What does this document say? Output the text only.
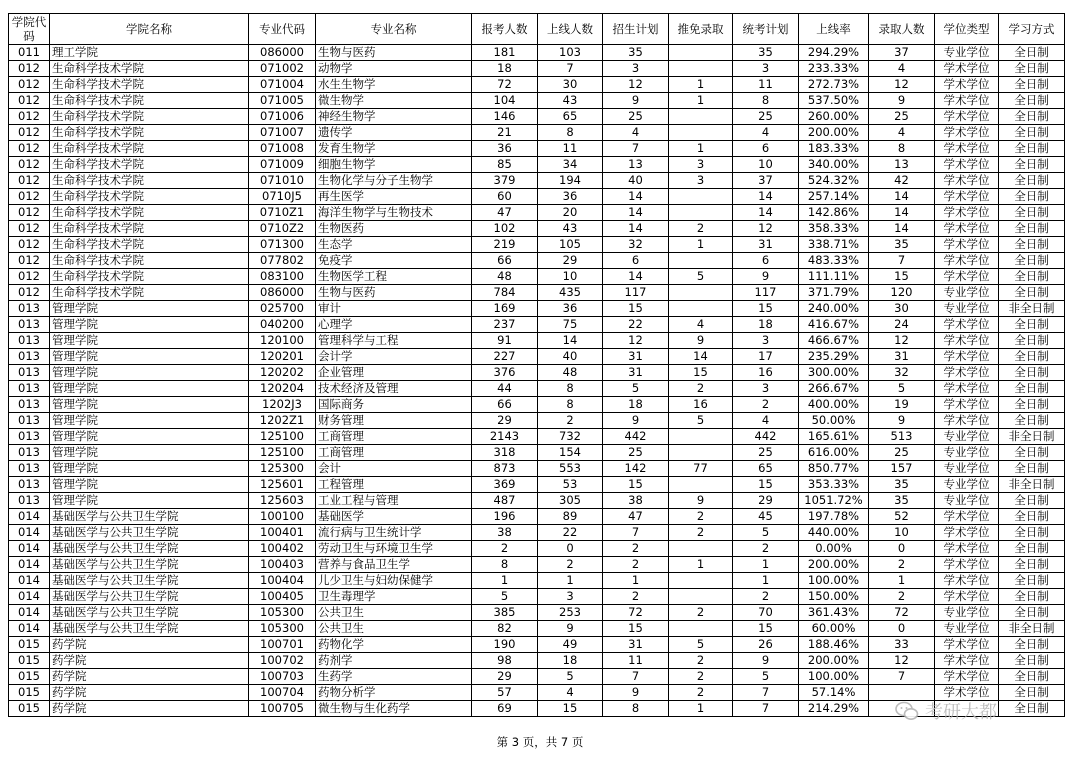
学院代码	学院名称	专业代码	专业名称	报考人数	上线人数	招生计划	推免录取	统考计划	上线率	录取人数	学位类型	学习方式
011	理工学院	086000	生物与医药	181	103	35		35	294.29%	37	专业学位	全日制
012	生命科学技术学院	071002	动物学	18	7	3		3	233.33%	4	学术学位	全日制
012	生命科学技术学院	071004	水生生物学	72	30	12	1	11	272.73%	12	学术学位	全日制
012	生命科学技术学院	071005	微生物学	104	43	9	1	8	537.50%	9	学术学位	全日制
012	生命科学技术学院	071006	神经生物学	146	65	25		25	260.00%	25	学术学位	全日制
012	生命科学技术学院	071007	遗传学	21	8	4		4	200.00%	4	学术学位	全日制
012	生命科学技术学院	071008	发育生物学	36	11	7	1	6	183.33%	8	学术学位	全日制
012	生命科学技术学院	071009	细胞生物学	85	34	13	3	10	340.00%	13	学术学位	全日制
012	生命科学技术学院	071010	生物化学与分子生物学	379	194	40	3	37	524.32%	42	学术学位	全日制
012	生命科学技术学院	0710J5	再生医学	60	36	14		14	257.14%	14	学术学位	全日制
012	生命科学技术学院	0710Z1	海洋生物学与生物技术	47	20	14		14	142.86%	14	学术学位	全日制
012	生命科学技术学院	0710Z2	生物医药	102	43	14	2	12	358.33%	14	学术学位	全日制
012	生命科学技术学院	071300	生态学	219	105	32	1	31	338.71%	35	学术学位	全日制
012	生命科学技术学院	077802	免疫学	66	29	6		6	483.33%	7	学术学位	全日制
012	生命科学技术学院	083100	生物医学工程	48	10	14	5	9	111.11%	15	学术学位	全日制
012	生命科学技术学院	086000	生物与医药	784	435	117		117	371.79%	120	专业学位	全日制
013	管理学院	025700	审计	169	36	15		15	240.00%	30	专业学位	非全日制
013	管理学院	040200	心理学	237	75	22	4	18	416.67%	24	学术学位	全日制
013	管理学院	120100	管理科学与工程	91	14	12	9	3	466.67%	12	学术学位	全日制
013	管理学院	120201	会计学	227	40	31	14	17	235.29%	31	学术学位	全日制
013	管理学院	120202	企业管理	376	48	31	15	16	300.00%	32	学术学位	全日制
013	管理学院	120204	技术经济及管理	44	8	5	2	3	266.67%	5	学术学位	全日制
013	管理学院	1202J3	国际商务	66	8	18	16	2	400.00%	19	学术学位	全日制
013	管理学院	1202Z1	财务管理	29	2	9	5	4	50.00%	9	学术学位	全日制
013	管理学院	125100	工商管理	2143	732	442		442	165.61%	513	专业学位	非全日制
013	管理学院	125100	工商管理	318	154	25		25	616.00%	25	专业学位	全日制
013	管理学院	125300	会计	873	553	142	77	65	850.77%	157	专业学位	全日制
013	管理学院	125601	工程管理	369	53	15		15	353.33%	35	专业学位	非全日制
013	管理学院	125603	工业工程与管理	487	305	38	9	29	1051.72%	35	专业学位	全日制
014	基础医学与公共卫生学院	100100	基础医学	196	89	47	2	45	197.78%	52	学术学位	全日制
014	基础医学与公共卫生学院	100401	流行病与卫生统计学	38	22	7	2	5	440.00%	10	学术学位	全日制
014	基础医学与公共卫生学院	100402	劳动卫生与环境卫生学	2	0	2		2	0.00%	0	学术学位	全日制
014	基础医学与公共卫生学院	100403	营养与食品卫生学	8	2	2	1	1	200.00%	2	学术学位	全日制
014	基础医学与公共卫生学院	100404	儿少卫生与妇幼保健学	1	1	1		1	100.00%	1	学术学位	全日制
014	基础医学与公共卫生学院	100405	卫生毒理学	5	3	2		2	150.00%	2	学术学位	全日制
014	基础医学与公共卫生学院	105300	公共卫生	385	253	72	2	70	361.43%	72	专业学位	全日制
014	基础医学与公共卫生学院	105300	公共卫生	82	9	15		15	60.00%	0	专业学位	非全日制
015	药学院	100701	药物化学	190	49	31	5	26	188.46%	33	学术学位	全日制
015	药学院	100702	药剂学	98	18	11	2	9	200.00%	12	学术学位	全日制
015	药学院	100703	生药学	29	5	7	2	5	100.00%	7	学术学位	全日制
015	药学院	100704	药物分析学	57	4	9	2	7	57.14%		学术学位	全日制
015	药学院	100705	微生物与生化药学	69	15	8	1	7	214.29%			全日制
第 3 页，共 7 页
考研大都
